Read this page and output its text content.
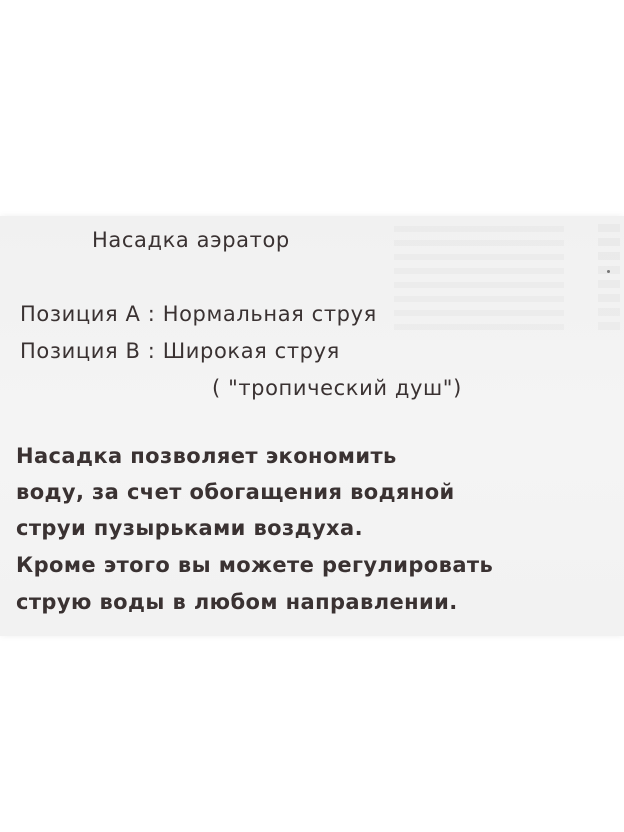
Насадка аэратор

Позиция А : Нормальная струя

Позиция В : Широкая струя

( "тропический душ")

Насадка позволяет экономить

воду, за счет обогащения водяной

струи пузырьками воздуха.

Кроме этого вы можете регулировать

струю воды в любом направлении.
